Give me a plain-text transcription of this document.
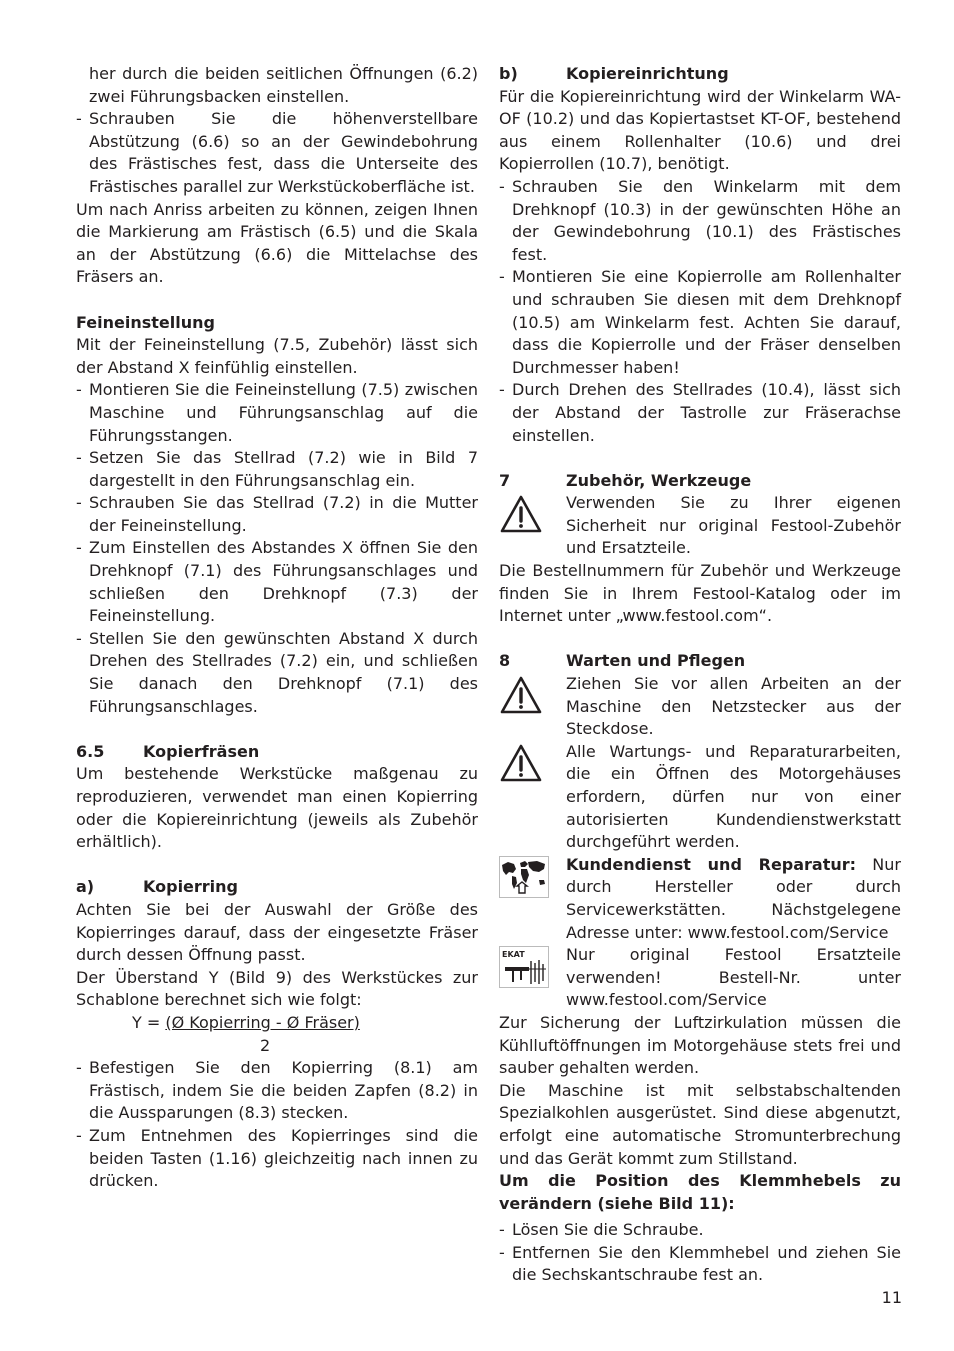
her durch die beiden seitlichen Öffnungen (6.2) zwei Führungsbacken einstellen.

- Schrauben Sie die höhenverstellbare Abstützung (6.6) so an der Gewindebohrung des Frästisches fest, dass die Unterseite des Frästisches parallel zur Werkstückoberfläche ist.

Um nach Anriss arbeiten zu können, zeigen Ihnen die Markierung am Frästisch (6.5) und die Skala an der Abstützung (6.6) die Mittelachse des Fräsers an.

Feineinstellung

Mit der Feineinstellung (7.5, Zubehör) lässt sich der Abstand X feinfühlig einstellen.

- Montieren Sie die Feineinstellung (7.5) zwischen Maschine und Führungsanschlag auf die Führungsstangen.
- Setzen Sie das Stellrad (7.2) wie in Bild 7 dargestellt in den Führungsanschlag ein.
- Schrauben Sie das Stellrad (7.2) in die Mutter der Feineinstellung.
- Zum Einstellen des Abstandes X öffnen Sie den Drehknopf (7.1) des Führungsanschlages und schließen den Drehknopf (7.3) der Feineinstellung.
- Stellen Sie den gewünschten Abstand X durch Drehen des Stellrades (7.2) ein, und schließen Sie danach den Drehknopf (7.1) des Führungsanschlages.
6.5	Kopierfräsen

Um bestehende Werkstücke maßgenau zu reproduzieren, verwendet man einen Kopierring oder die Kopiereinrichtung (jeweils als Zubehör erhältlich).

a)	Kopierring

Achten Sie bei der Auswahl der Größe des Kopierringes darauf, dass der eingesetzte Fräser durch dessen Öffnung passt.

Der Überstand Y (Bild 9) des Werkstückes zur Schablone berechnet sich wie folgt:

Y = (Ø Kopierring - Ø Fräser)
2
- Befestigen Sie den Kopierring (8.1) am Frästisch, indem Sie die beiden Zapfen (8.2) in die Aussparungen (8.3) stecken.
- Zum Entnehmen des Kopierringes sind die beiden Tasten (1.16) gleichzeitig nach innen zu drücken.
b)	Kopiereinrichtung

Für die Kopiereinrichtung wird der Winkelarm WA-OF (10.2) und das Kopiertastset KT-OF, bestehend aus einem Rollenhalter (10.6) und drei Kopierrollen (10.7), benötigt.

- Schrauben Sie den Winkelarm mit dem Drehknopf (10.3) in der gewünschten Höhe an der Gewindebohrung (10.1) des Frästisches fest.
- Montieren Sie eine Kopierrolle am Rollenhalter und schrauben Sie diesen mit dem Drehknopf (10.5) am Winkelarm fest. Achten Sie darauf, dass die Kopierrolle und der Fräser denselben Durchmesser haben!
- Durch Drehen des Stellrades (10.4), lässt sich der Abstand der Tastrolle zur Fräserachse einstellen.
7	Zubehör, Werkzeuge
Verwenden Sie zu Ihrer eigenen Sicherheit nur original Festool-Zubehör und Ersatzteile.

Die Bestellnummern für Zubehör und Werkzeuge finden Sie in Ihrem Festool-Katalog oder im Internet unter „www.festool.com“.

8	Warten und Pflegen
Ziehen Sie vor allen Arbeiten an der Maschine den Netzstecker aus der Steckdose.
Alle Wartungs- und Reparaturarbeiten, die ein Öffnen des Motorgehäuses erfordern, dürfen nur von einer autorisierten Kundendienstwerkstatt durchgeführt werden.

Kundendienst und Reparatur: Nur durch Hersteller oder durch Servicewerkstätten. Nächstgelegene Adresse unter: www.festool.com/Service

EKAT	Nur original Festool Ersatzteile verwenden! Bestell-Nr. unter www.festool.com/Service

Zur Sicherung der Luftzirkulation müssen die Kühlluftöffnungen im Motorgehäuse stets frei und sauber gehalten werden.

Die Maschine ist mit selbstabschaltenden Spezialkohlen ausgerüstet. Sind diese abgenutzt, erfolgt eine automatische Stromunterbrechung und das Gerät kommt zum Stillstand.

Um die Position des Klemmhebels zu verändern (siehe Bild 11):

- Lösen Sie die Schraube.
- Entfernen Sie den Klemmhebel und ziehen Sie die Sechskantschraube fest an.
11
